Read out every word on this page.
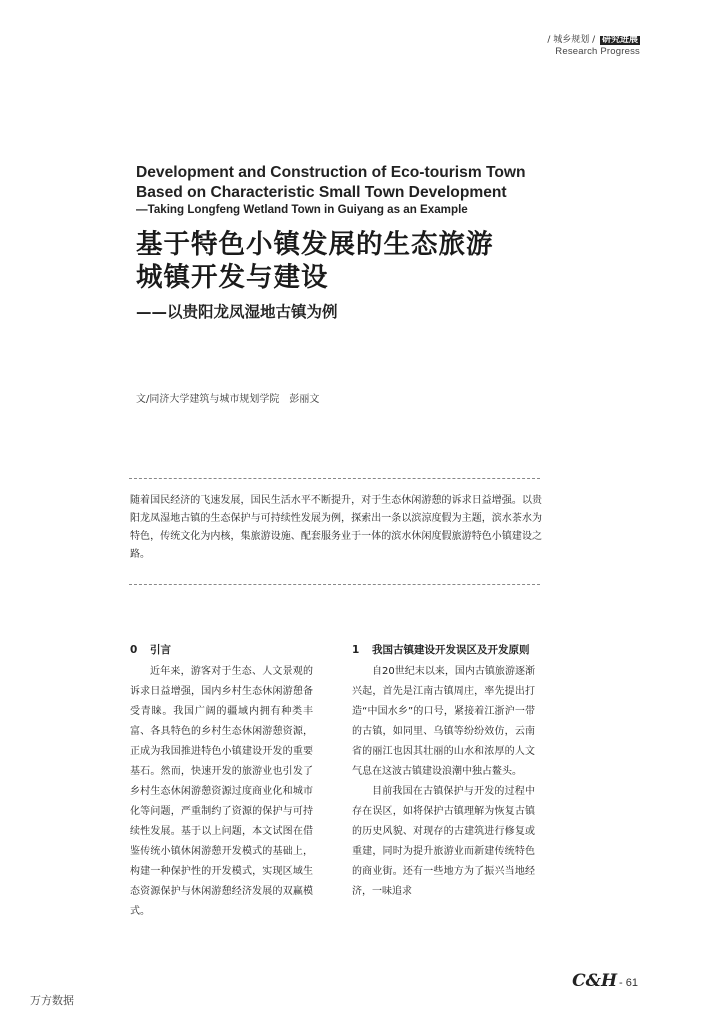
/ 城乡规划 / 研究进展
Research Progress
Development and Construction of Eco-tourism Town
Based on Characteristic Small Town Development
—Taking Longfeng Wetland Town in Guiyang as an Example
基于特色小镇发展的生态旅游
城镇开发与建设
——以贵阳龙凤湿地古镇为例
文/同济大学建筑与城市规划学院　彭丽文
随着国民经济的飞速发展，国民生活水平不断提升，对于生态休闲游憩的诉求日益增强。以贵阳龙凤湿地古镇的生态保护与可持续性发展为例，探索出一条以滨涼度假为主题，滨水茶水为特色，传统文化为内核，集旅游设施、配套服务业于一体的滨水休闲度假旅游特色小镇建设之路。
0 引言

近年来，游客对于生态、人文景观的诉求日益增强，国内乡村生态休闲游憩备受青睐。我国广阔的疆域内拥有种类丰富、各具特色的乡村生态休闲游憩资源，正成为我国推进特色小镇建设开发的重要基石。然而，快速开发的旅游业也引发了乡村生态休闲游憩资源过度商业化和城市化等问题，严重制约了资源的保护与可持续性发展。基于以上问题，本文试图在借鉴传统小镇休闲游憩开发模式的基础上，构建一种保护性的开发模式，实现区域生态资源保护与休闲游憩经济发展的双赢模式。

1 我国古镇建设开发误区及开发原则

自20世纪末以来，国内古镇旅游逐渐兴起，首先是江南古镇周庄，率先提出打造“中国水乡”的口号，紧接着江浙沪一带的古镇，如同里、乌镇等纷纷效仿，云南省的丽江也因其壮丽的山水和浓厚的人文气息在这波古镇建设浪潮中独占鳌头。

目前我国在古镇保护与开发的过程中存在误区，如将保护古镇理解为恢复古镇的历史风貌、对现存的古建筑进行修复或重建，同时为提升旅游业而新建传统特色的商业街。还有一些地方为了振兴当地经济，一味追求

C&H - 61
万方数据
